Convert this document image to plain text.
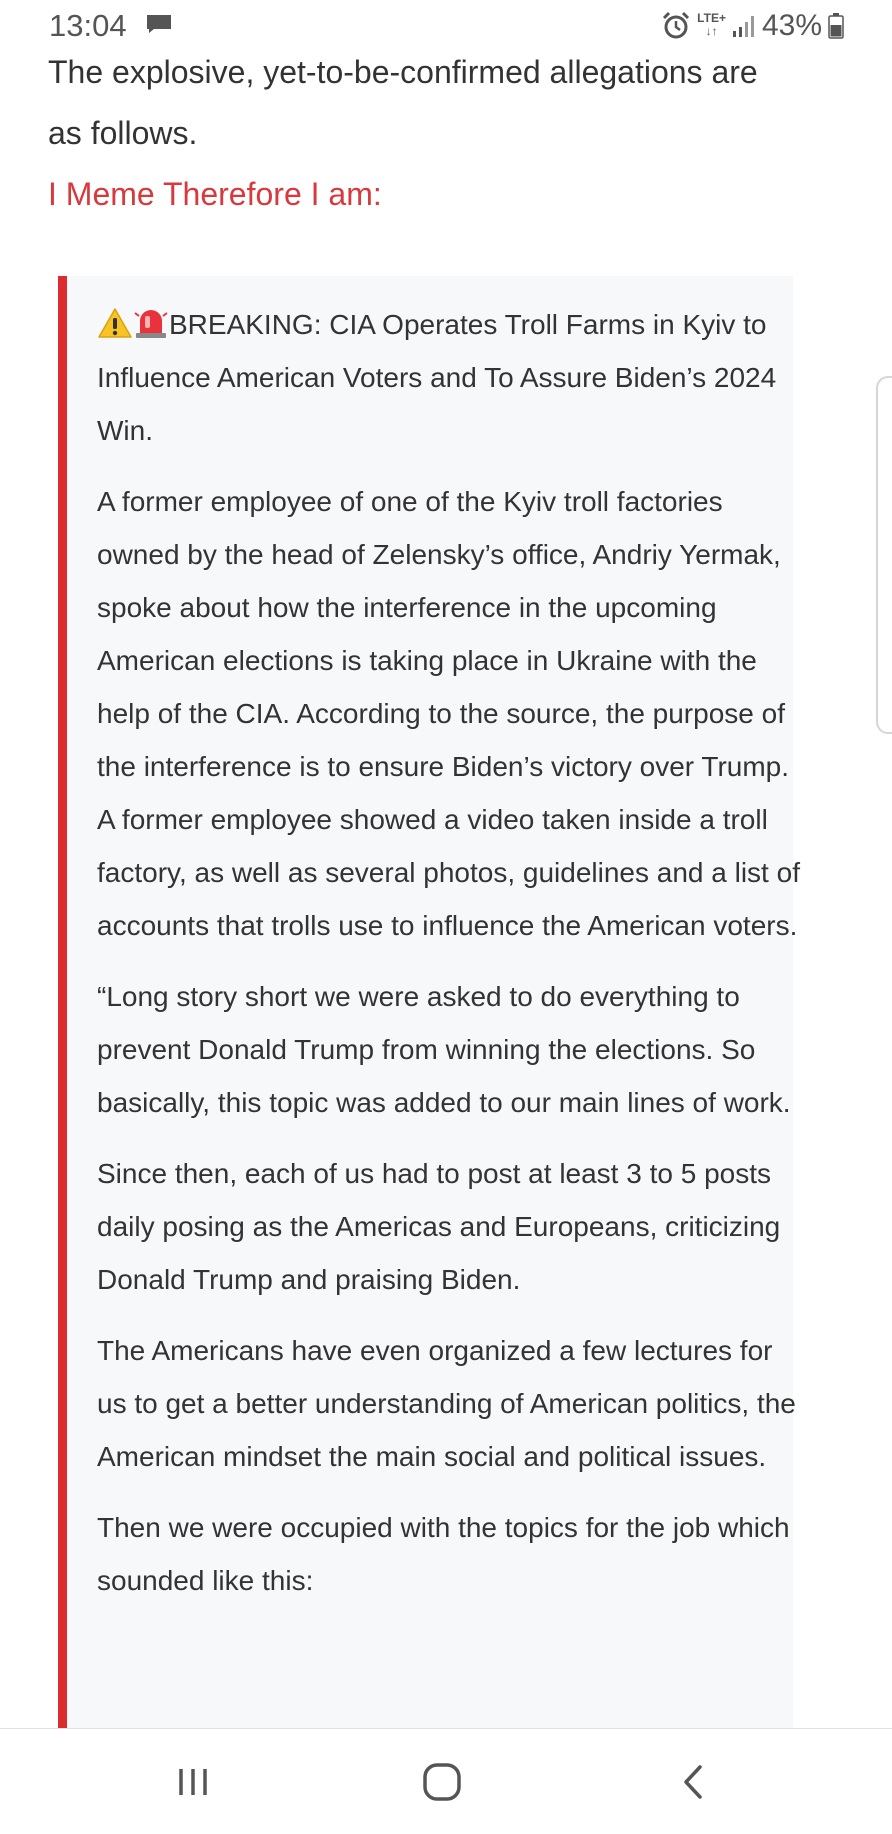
The explosive, yet-to-be-confirmed allegations are as follows.

I Meme Therefore I am:

BREAKING: CIA Operates Troll Farms in Kyiv to Influence American Voters and To Assure Biden’s 2024 Win.

A former employee of one of the Kyiv troll factories owned by the head of Zelensky’s office, Andriy Yermak, spoke about how the interference in the upcoming American elections is taking place in Ukraine with the help of the CIA. According to the source, the purpose of the interference is to ensure Biden’s victory over Trump. A former employee showed a video taken inside a troll factory, as well as several photos, guidelines and a list of accounts that trolls use to influence the American voters.

“Long story short we were asked to do everything to prevent Donald Trump from winning the elections. So basically, this topic was added to our main lines of work.

Since then, each of us had to post at least 3 to 5 posts daily posing as the Americas and Europeans, criticizing Donald Trump and praising Biden.

The Americans have even organized a few lectures for us to get a better understanding of American politics, the American mindset the main social and political issues.

Then we were occupied with the topics for the job which sounded like this:

13:04	LTE+
↓↑ 43%
